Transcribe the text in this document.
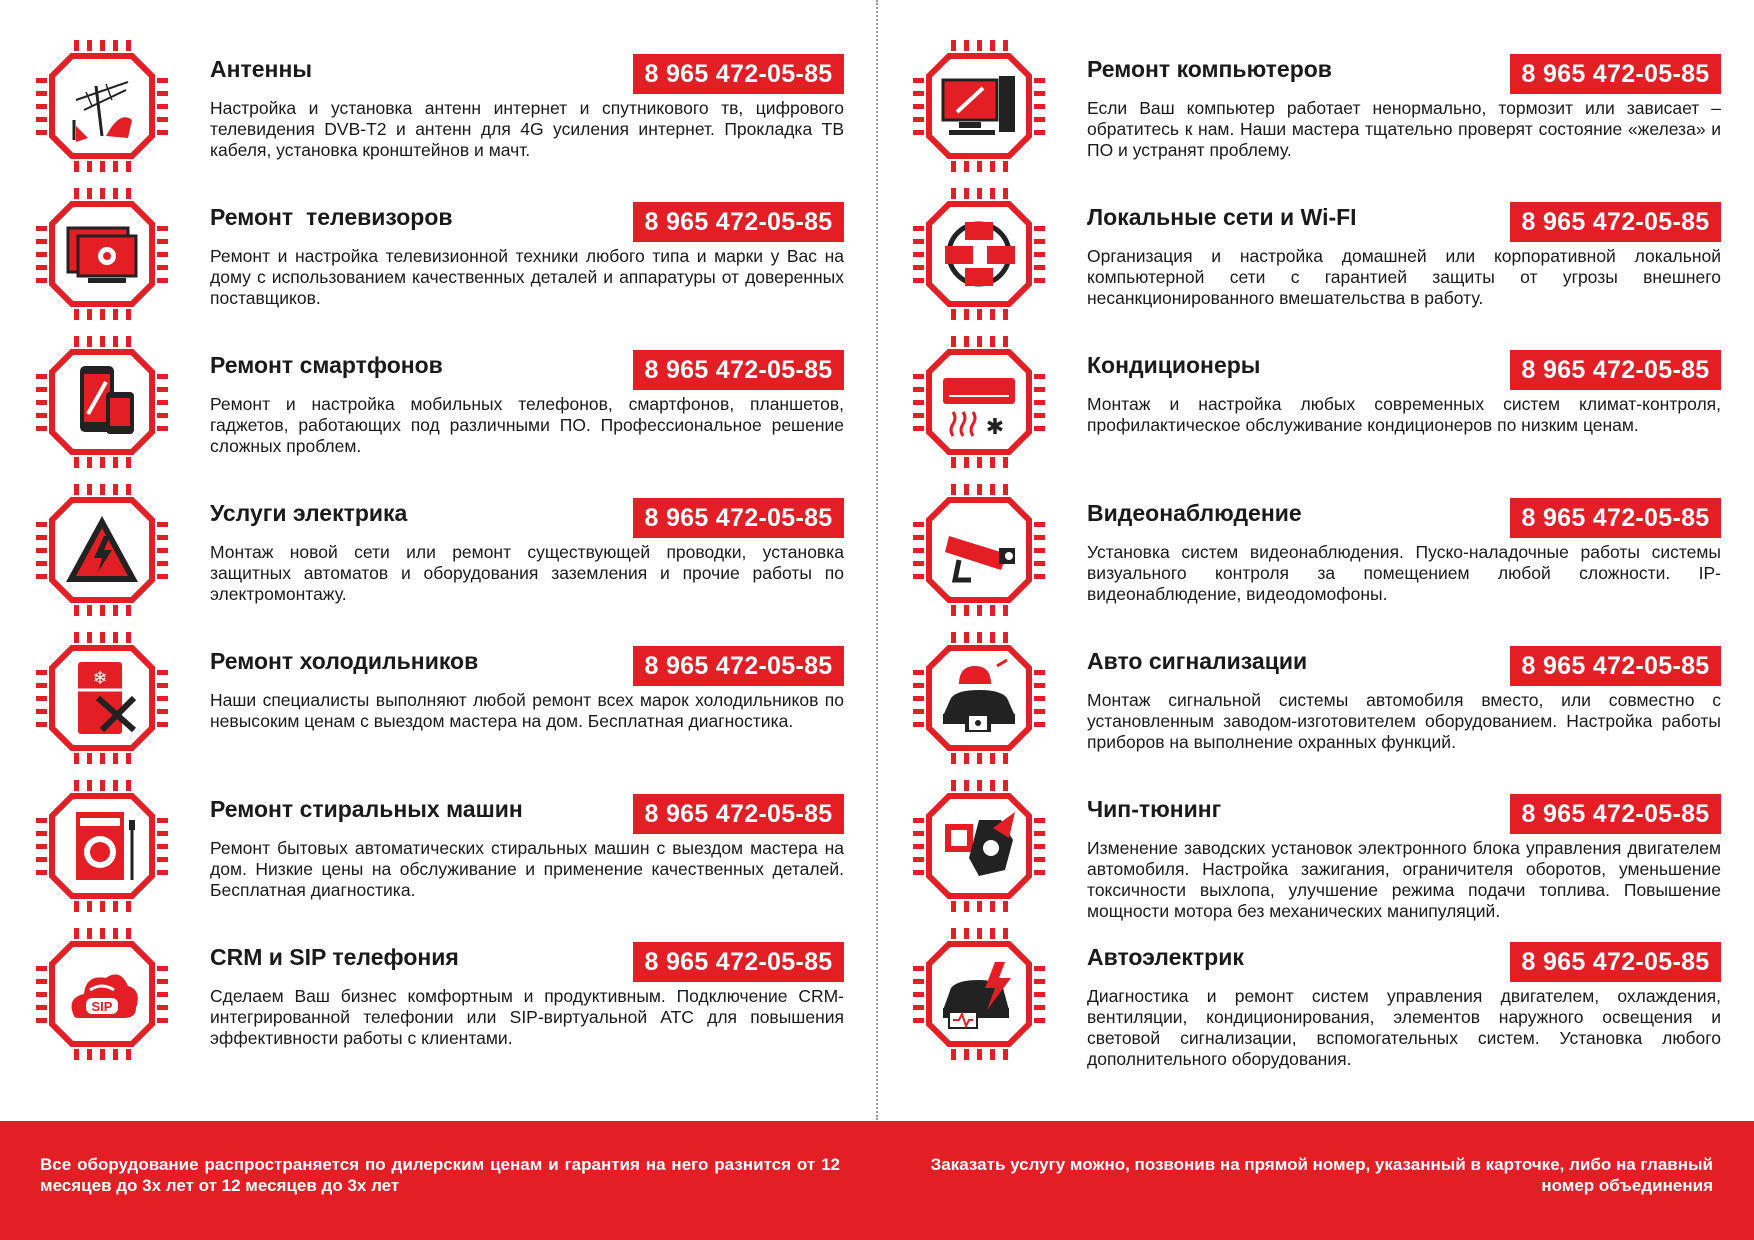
Антенны	8 965 472-05-85
Настройка и установка антенн интернет и спутникового тв, цифрового телевидения DVB-T2 и антенн для 4G усиления интернет. Прокладка ТВ кабеля, установка кронштейнов и мачт.
Ремонт  телевизоров	8 965 472-05-85
Ремонт и настройка телевизионной техники любого типа и марки у Вас на дому с использованием качественных деталей и аппаратуры от доверенных поставщиков.
Ремонт смартфонов	8 965 472-05-85
Ремонт и настройка мобильных телефонов, смартфонов, планшетов, гаджетов, работающих под различными ПО. Профессиональное решение сложных проблем.
Услуги электрика	8 965 472-05-85
Монтаж новой сети или ремонт существующей проводки, установка защитных автоматов и оборудования заземления и прочие работы по электромонтажу.
❄
Ремонт холодильников	8 965 472-05-85
Наши специалисты выполняют любой ремонт всех марок холодильников по невысоким ценам с выездом мастера на дом. Бесплатная диагностика.
Ремонт стиральных машин	8 965 472-05-85
Ремонт бытовых автоматических стиральных машин с выездом мастера на дом. Низкие цены на обслуживание и применение качественных деталей. Бесплатная диагностика.
SIP
CRM и SIP телефония	8 965 472-05-85
Сделаем Ваш бизнес комфортным и продуктивным. Подключение CRM-интегрированной телефонии или SIP-виртуальной АТС для повышения эффективности работы с клиентами.
Ремонт компьютеров	8 965 472-05-85
Если Ваш компьютер работает ненормально, тормозит или зависает – обратитесь к нам. Наши мастера тщательно проверят состояние «железа» и ПО и устранят проблему.
Локальные сети и Wi-FI	8 965 472-05-85
Организация и настройка домашней или корпоративной локальной компьютерной сети с гарантией защиты от угрозы внешнего несанкционированного вмешательства в работу.
✱
Кондиционеры	8 965 472-05-85
Монтаж и настройка любых современных систем климат-контроля, профилактическое обслуживание кондиционеров по низким ценам.
Видеонаблюдение	8 965 472-05-85
Установка систем видеонаблюдения. Пуско-наладочные работы системы визуального контроля за помещением любой сложности. IP-видеонаблюдение, видеодомофоны.
Авто сигнализации	8 965 472-05-85
Монтаж сигнальной системы автомобиля вместо, или совместно с установленным заводом-изготовителем оборудованием. Настройка работы приборов на выполнение охранных функций.
Чип-тюнинг	8 965 472-05-85
Изменение заводских установок электронного блока управления двигателем автомобиля. Настройка зажигания, ограничителя оборотов, уменьшение токсичности выхлопа, улучшение режима подачи топлива. Повышение мощности мотора без механических манипуляций.
Автоэлектрик	8 965 472-05-85
Диагностика и ремонт систем управления двигателем, охлаждения, вентиляции, кондиционирования, элементов наружного освещения и световой сигнализации, вспомогательных систем. Установка любого дополнительного оборудования.
Все оборудование распространяется по дилерским ценам и гарантия на него разнится от 12 месяцев до 3х лет от 12 месяцев до 3х лет
Заказать услугу можно, позвонив на прямой номер, указанный в карточке, либо на главный номер объединения
